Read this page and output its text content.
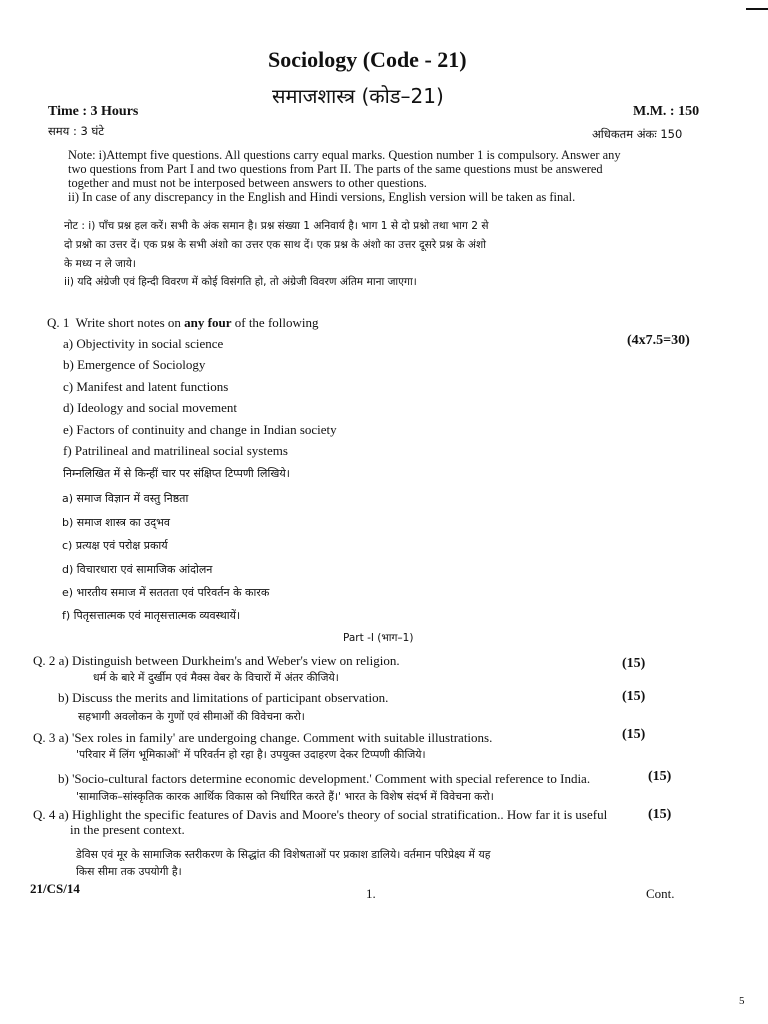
5
Sociology (Code - 21)
समाजशास्त्र (कोड–21)
Time : 3 Hours
समय : 3 घंटे
M.M. : 150
अधिकतम अंकः 150
Note: i)Attempt five questions. All questions carry equal marks. Question number 1 is compulsory. Answer any
two questions from Part I and two questions from Part II. The parts of the same questions must be answered
together and must not be interposed between answers to other questions.
ii) In case of any discrepancy in the English and Hindi versions, English version will be taken as final.
नोट : i) पाँच प्रश्न हल करें। सभी के अंक समान है। प्रश्न संख्या 1 अनिवार्य है। भाग 1 से दो प्रश्नो तथा भाग 2 से
दो प्रश्नो का उत्तर दें। एक प्रश्न के सभी अंशो का उत्तर एक साथ दें। एक प्रश्न के अंशो का उत्तर दूसरे प्रश्न के अंशो
के मध्य न ले जाये।
ii) यदि अंग्रेजी एवं हिन्दी विवरण में कोई विसंगति हो, तो अंग्रेजी विवरण अंतिम माना जाएगा।
Q. 1 Write short notes on any four of the following
(4x7.5=30)
a) Objectivity in social science
b) Emergence of Sociology
c) Manifest and latent functions
d) Ideology and social movement
e) Factors of continuity and change in Indian society
f) Patrilineal and matrilineal social systems
निम्नलिखित में से किन्हीं चार पर संक्षिप्त टिप्पणी लिखिये।
a) समाज विज्ञान में वस्तु निष्ठता
b) समाज शास्त्र का उद्‌भव
c) प्रत्यक्ष एवं परोक्ष प्रकार्य
d) विचारधारा एवं सामाजिक आंदोलन
e) भारतीय समाज में सततता एवं परिवर्तन के कारक
f) पितृसत्तात्मक एवं मातृसत्तात्मक व्यवस्थायें।
Part -I (भाग–1)
Q. 2 a) Distinguish between Durkheim's and Weber's view on religion.
धर्म के बारे में दुर्खीम एवं मैक्स वेबर के विचारों में अंतर कीजिये।
(15)
b) Discuss the merits and limitations of participant observation.
सहभागी अवलोकन के गुणों एवं सीमाओं की विवेचना करो।
(15)
Q. 3 a) 'Sex roles in family' are undergoing change. Comment with suitable illustrations.
'परिवार में लिंग भूमिकाओं' में परिवर्तन हो रहा है। उपयुक्त उदाहरण देकर टिप्पणी कीजिये।
(15)
b) 'Socio-cultural factors determine economic development.' Comment with special reference to India.
'सामाजिक–सांस्कृतिक कारक आर्थिक विकास को निर्धारित करते हैं।' भारत के विशेष संदर्भ में विवेचना करो।
(15)
Q. 4 a) Highlight the specific features of Davis and Moore's theory of social stratification.. How far it is useful
in the present context.
(15)
डेविस एवं मूर के सामाजिक स्तरीकरण के सिद्धांत की विशेषताओं पर प्रकाश डालिये। वर्तमान परिप्रेक्ष्य में यह
किस सीमा तक उपयोगी है।
21/CS/14	1.	Cont.
